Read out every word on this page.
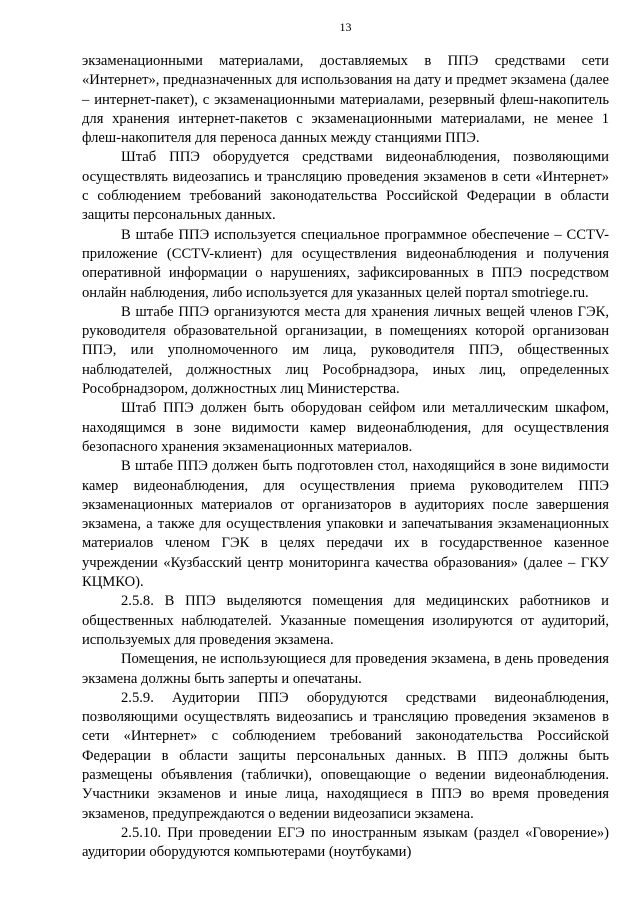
13

экзаменационными материалами, доставляемых в ППЭ средствами сети «Интернет», предназначенных для использования на дату и предмет экзамена (далее – интернет-пакет), с экзаменационными материалами, резервный флеш-накопитель для хранения интернет-пакетов с экзаменационными материалами, не менее 1 флеш-накопителя для переноса данных между станциями ППЭ.

Штаб ППЭ оборудуется средствами видеонаблюдения, позволяющими осуществлять видеозапись и трансляцию проведения экзаменов в сети «Интернет» с соблюдением требований законодательства Российской Федерации в области защиты персональных данных.

В штабе ППЭ используется специальное программное обеспечение – CCTV-приложение (CCTV-клиент) для осуществления видеонаблюдения и получения оперативной информации о нарушениях, зафиксированных в ППЭ посредством онлайн наблюдения, либо используется для указанных целей портал smotriege.ru.

В штабе ППЭ организуются места для хранения личных вещей членов ГЭК, руководителя образовательной организации, в помещениях которой организован ППЭ, или уполномоченного им лица, руководителя ППЭ, общественных наблюдателей, должностных лиц Рособрнадзора, иных лиц, определенных Рособрнадзором, должностных лиц Министерства.

Штаб ППЭ должен быть оборудован сейфом или металлическим шкафом, находящимся в зоне видимости камер видеонаблюдения, для осуществления безопасного хранения экзаменационных материалов.

В штабе ППЭ должен быть подготовлен стол, находящийся в зоне видимости камер видеонаблюдения, для осуществления приема руководителем ППЭ экзаменационных материалов от организаторов в аудиториях после завершения экзамена, а также для осуществления упаковки и запечатывания экзаменационных материалов членом ГЭК в целях передачи их в государственное казенное учреждении «Кузбасский центр мониторинга качества образования» (далее – ГКУ КЦМКО).

2.5.8. В ППЭ выделяются помещения для медицинских работников и общественных наблюдателей. Указанные помещения изолируются от аудиторий, используемых для проведения экзамена.

Помещения, не использующиеся для проведения экзамена, в день проведения экзамена должны быть заперты и опечатаны.

2.5.9. Аудитории ППЭ оборудуются средствами видеонаблюдения, позволяющими осуществлять видеозапись и трансляцию проведения экзаменов в сети «Интернет» с соблюдением требований законодательства Российской Федерации в области защиты персональных данных. В ППЭ должны быть размещены объявления (таблички), оповещающие о ведении видеонаблюдения. Участники экзаменов и иные лица, находящиеся в ППЭ во время проведения экзаменов, предупреждаются о ведении видеозаписи экзамена.

2.5.10. При проведении ЕГЭ по иностранным языкам (раздел «Говорение») аудитории оборудуются компьютерами (ноутбуками)
